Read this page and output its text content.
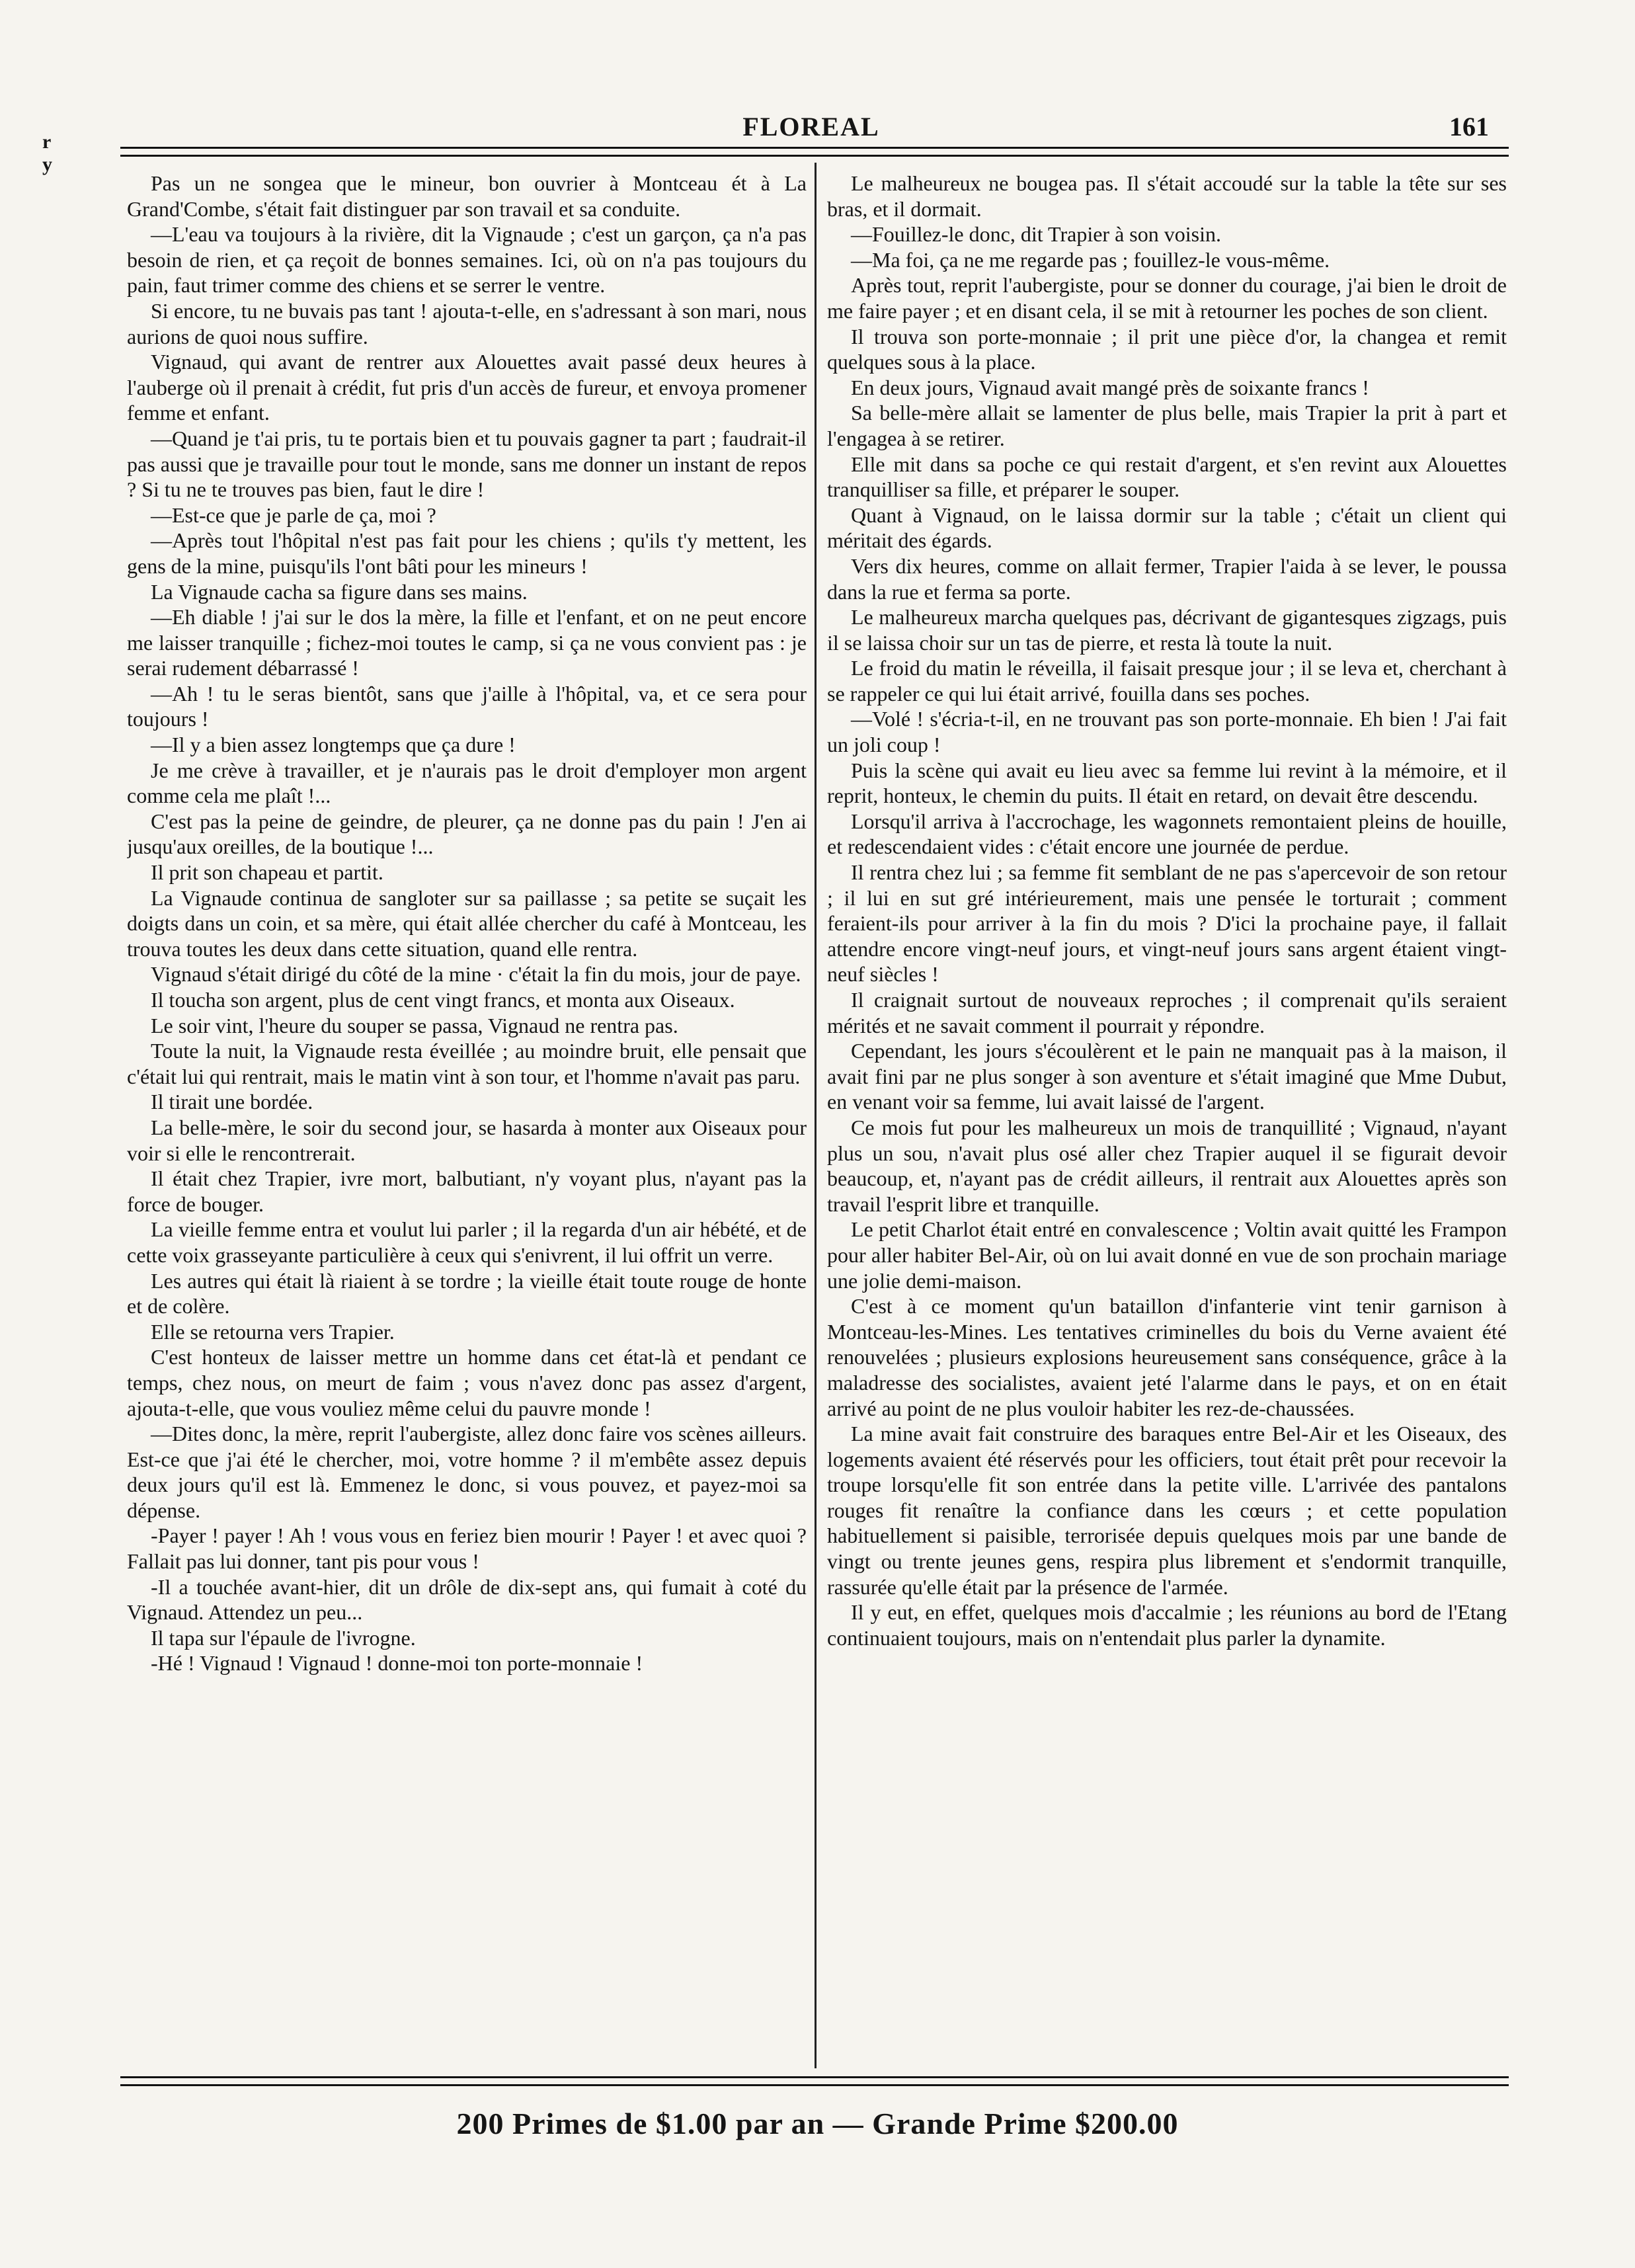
r
y
FLOREAL	161

Pas un ne songea que le mineur, bon ouvrier à Montceau ét à La Grand'Combe, s'était fait distinguer par son travail et sa conduite.

—L'eau va toujours à la rivière, dit la Vignaude ; c'est un garçon, ça n'a pas besoin de rien, et ça reçoit de bonnes semaines. Ici, où on n'a pas toujours du pain, faut trimer comme des chiens et se serrer le ventre.

Si encore, tu ne buvais pas tant ! ajouta-t-elle, en s'adressant à son mari, nous aurions de quoi nous suffire.

Vignaud, qui avant de rentrer aux Alouettes avait passé deux heures à l'auberge où il prenait à crédit, fut pris d'un accès de fureur, et envoya promener femme et enfant.

—Quand je t'ai pris, tu te portais bien et tu pouvais gagner ta part ; faudrait-il pas aussi que je travaille pour tout le monde, sans me donner un instant de repos ? Si tu ne te trouves pas bien, faut le dire !

—Est-ce que je parle de ça, moi ?

—Après tout l'hôpital n'est pas fait pour les chiens ; qu'ils t'y mettent, les gens de la mine, puisqu'ils l'ont bâti pour les mineurs !

La Vignaude cacha sa figure dans ses mains.

—Eh diable ! j'ai sur le dos la mère, la fille et l'enfant, et on ne peut encore me laisser tranquille ; fichez-moi toutes le camp, si ça ne vous convient pas : je serai rudement débarrassé !

—Ah ! tu le seras bientôt, sans que j'aille à l'hôpital, va, et ce sera pour toujours !

—Il y a bien assez longtemps que ça dure !

Je me crève à travailler, et je n'aurais pas le droit d'employer mon argent comme cela me plaît !...

C'est pas la peine de geindre, de pleurer, ça ne donne pas du pain ! J'en ai jusqu'aux oreilles, de la boutique !...

Il prit son chapeau et partit.

La Vignaude continua de sangloter sur sa paillasse ; sa petite se suçait les doigts dans un coin, et sa mère, qui était allée chercher du café à Montceau, les trouva toutes les deux dans cette situation, quand elle rentra.

Vignaud s'était dirigé du côté de la mine · c'était la fin du mois, jour de paye.

Il toucha son argent, plus de cent vingt francs, et monta aux Oiseaux.

Le soir vint, l'heure du souper se passa, Vignaud ne rentra pas.

Toute la nuit, la Vignaude resta éveillée ; au moindre bruit, elle pensait que c'était lui qui rentrait, mais le matin vint à son tour, et l'homme n'avait pas paru.

Il tirait une bordée.

La belle-mère, le soir du second jour, se hasarda à monter aux Oiseaux pour voir si elle le rencontrerait.

Il était chez Trapier, ivre mort, balbutiant, n'y voyant plus, n'ayant pas la force de bouger.

La vieille femme entra et voulut lui parler ; il la regarda d'un air hébété, et de cette voix grasseyante particulière à ceux qui s'enivrent, il lui offrit un verre.

Les autres qui était là riaient à se tordre ; la vieille était toute rouge de honte et de colère.

Elle se retourna vers Trapier.

C'est honteux de laisser mettre un homme dans cet état-là et pendant ce temps, chez nous, on meurt de faim ; vous n'avez donc pas assez d'argent, ajouta-t-elle, que vous vouliez même celui du pauvre monde !

—Dites donc, la mère, reprit l'aubergiste, allez donc faire vos scènes ailleurs. Est-ce que j'ai été le chercher, moi, votre homme ? il m'embête assez depuis deux jours qu'il est là. Emmenez le donc, si vous pouvez, et payez-moi sa dépense.

-Payer ! payer ! Ah ! vous vous en feriez bien mourir ! Payer ! et avec quoi ? Fallait pas lui donner, tant pis pour vous !

-Il a touchée avant-hier, dit un drôle de dix-sept ans, qui fumait à coté du Vignaud. Attendez un peu...

Il tapa sur l'épaule de l'ivrogne.

-Hé ! Vignaud ! Vignaud ! donne-moi ton porte-monnaie !

Le malheureux ne bougea pas. Il s'était accoudé sur la table la tête sur ses bras, et il dormait.

—Fouillez-le donc, dit Trapier à son voisin.

—Ma foi, ça ne me regarde pas ; fouillez-le vous-même.

Après tout, reprit l'aubergiste, pour se donner du courage, j'ai bien le droit de me faire payer ; et en disant cela, il se mit à retourner les poches de son client.

Il trouva son porte-monnaie ; il prit une pièce d'or, la changea et remit quelques sous à la place.

En deux jours, Vignaud avait mangé près de soixante francs !

Sa belle-mère allait se lamenter de plus belle, mais Trapier la prit à part et l'engagea à se retirer.

Elle mit dans sa poche ce qui restait d'argent, et s'en revint aux Alouettes tranquilliser sa fille, et préparer le souper.

Quant à Vignaud, on le laissa dormir sur la table ; c'était un client qui méritait des égards.

Vers dix heures, comme on allait fermer, Trapier l'aida à se lever, le poussa dans la rue et ferma sa porte.

Le malheureux marcha quelques pas, décrivant de gigantesques zigzags, puis il se laissa choir sur un tas de pierre, et resta là toute la nuit.

Le froid du matin le réveilla, il faisait presque jour ; il se leva et, cherchant à se rappeler ce qui lui était arrivé, fouilla dans ses poches.

—Volé ! s'écria-t-il, en ne trouvant pas son porte-monnaie. Eh bien ! J'ai fait un joli coup !

Puis la scène qui avait eu lieu avec sa femme lui revint à la mémoire, et il reprit, honteux, le chemin du puits. Il était en retard, on devait être descendu.

Lorsqu'il arriva à l'accrochage, les wagonnets remontaient pleins de houille, et redescendaient vides : c'était encore une journée de perdue.

Il rentra chez lui ; sa femme fit semblant de ne pas s'apercevoir de son retour ; il lui en sut gré intérieurement, mais une pensée le torturait ; comment feraient-ils pour arriver à la fin du mois ? D'ici la prochaine paye, il fallait attendre encore vingt-neuf jours, et vingt-neuf jours sans argent étaient vingt-neuf siècles !

Il craignait surtout de nouveaux reproches ; il comprenait qu'ils seraient mérités et ne savait comment il pourrait y répondre.

Cependant, les jours s'écoulèrent et le pain ne manquait pas à la maison, il avait fini par ne plus songer à son aventure et s'était imaginé que Mme Dubut, en venant voir sa femme, lui avait laissé de l'argent.

Ce mois fut pour les malheureux un mois de tranquillité ; Vignaud, n'ayant plus un sou, n'avait plus osé aller chez Trapier auquel il se figurait devoir beaucoup, et, n'ayant pas de crédit ailleurs, il rentrait aux Alouettes après son travail l'esprit libre et tranquille.

Le petit Charlot était entré en convalescence ; Voltin avait quitté les Frampon pour aller habiter Bel-Air, où on lui avait donné en vue de son prochain mariage une jolie demi-maison.

C'est à ce moment qu'un bataillon d'infanterie vint tenir garnison à Montceau-les-Mines. Les tentatives criminelles du bois du Verne avaient été renouvelées ; plusieurs explosions heureusement sans conséquence, grâce à la maladresse des socialistes, avaient jeté l'alarme dans le pays, et on en était arrivé au point de ne plus vouloir habiter les rez-de-chaussées.

La mine avait fait construire des baraques entre Bel-Air et les Oiseaux, des logements avaient été réservés pour les officiers, tout était prêt pour recevoir la troupe lorsqu'elle fit son entrée dans la petite ville. L'arrivée des pantalons rouges fit renaître la confiance dans les cœurs ; et cette population habituellement si paisible, terrorisée depuis quelques mois par une bande de vingt ou trente jeunes gens, respira plus librement et s'endormit tranquille, rassurée qu'elle était par la présence de l'armée.

Il y eut, en effet, quelques mois d'accalmie ; les réunions au bord de l'Etang continuaient toujours, mais on n'entendait plus parler la dynamite.

200 Primes de $1.00 par an — Grande Prime $200.00
